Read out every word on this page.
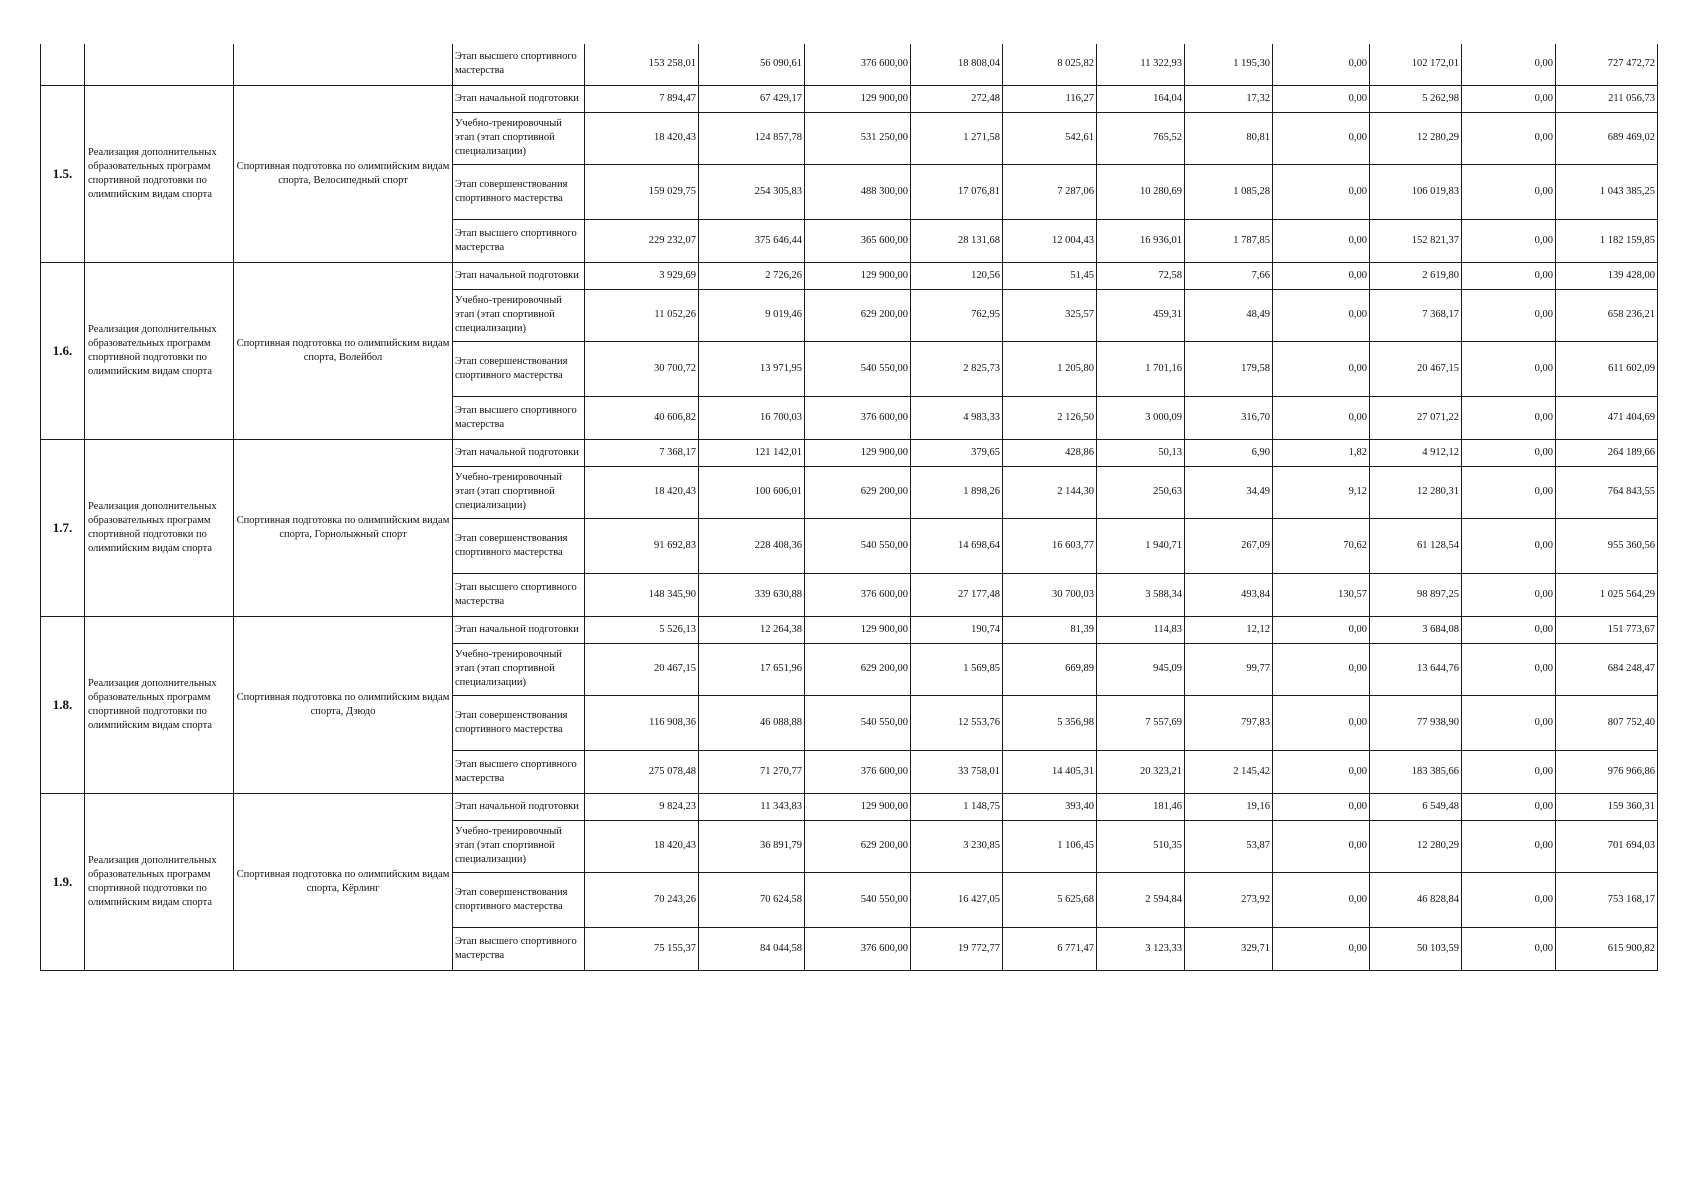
			Этап высшего спортивного мастерства	153 258,01	56 090,61	376 600,00	18 808,04	8 025,82	11 322,93	1 195,30	0,00	102 172,01	0,00	727 472,72
1.5.	Реализация дополнительных образовательных программ спортивной подготовки по олимпийским видам спорта	Спортивная подготовка по олимпийским видам спорта, Велосипедный спорт	Этап начальной подготовки	7 894,47	67 429,17	129 900,00	272,48	116,27	164,04	17,32	0,00	5 262,98	0,00	211 056,73
			Учебно-тренировочный этап (этап спортивной специализации)	18 420,43	124 857,78	531 250,00	1 271,58	542,61	765,52	80,81	0,00	12 280,29	0,00	689 469,02
			Этап совершенствования спортивного мастерства	159 029,75	254 305,83	488 300,00	17 076,81	7 287,06	10 280,69	1 085,28	0,00	106 019,83	0,00	1 043 385,25
			Этап высшего спортивного мастерства	229 232,07	375 646,44	365 600,00	28 131,68	12 004,43	16 936,01	1 787,85	0,00	152 821,37	0,00	1 182 159,85
1.6.	Реализация дополнительных образовательных программ спортивной подготовки по олимпийским видам спорта	Спортивная подготовка по олимпийским видам спорта, Волейбол	Этап начальной подготовки	3 929,69	2 726,26	129 900,00	120,56	51,45	72,58	7,66	0,00	2 619,80	0,00	139 428,00
			Учебно-тренировочный этап (этап спортивной специализации)	11 052,26	9 019,46	629 200,00	762,95	325,57	459,31	48,49	0,00	7 368,17	0,00	658 236,21
			Этап совершенствования спортивного мастерства	30 700,72	13 971,95	540 550,00	2 825,73	1 205,80	1 701,16	179,58	0,00	20 467,15	0,00	611 602,09
			Этап высшего спортивного мастерства	40 606,82	16 700,03	376 600,00	4 983,33	2 126,50	3 000,09	316,70	0,00	27 071,22	0,00	471 404,69
1.7.	Реализация дополнительных образовательных программ спортивной подготовки по олимпийским видам спорта	Спортивная подготовка по олимпийским видам спорта, Горнолыжный спорт	Этап начальной подготовки	7 368,17	121 142,01	129 900,00	379,65	428,86	50,13	6,90	1,82	4 912,12	0,00	264 189,66
			Учебно-тренировочный этап (этап спортивной специализации)	18 420,43	100 606,01	629 200,00	1 898,26	2 144,30	250,63	34,49	9,12	12 280,31	0,00	764 843,55
			Этап совершенствования спортивного мастерства	91 692,83	228 408,36	540 550,00	14 698,64	16 603,77	1 940,71	267,09	70,62	61 128,54	0,00	955 360,56
			Этап высшего спортивного мастерства	148 345,90	339 630,88	376 600,00	27 177,48	30 700,03	3 588,34	493,84	130,57	98 897,25	0,00	1 025 564,29
1.8.	Реализация дополнительных образовательных программ спортивной подготовки по олимпийским видам спорта	Спортивная подготовка по олимпийским видам спорта, Дзюдо	Этап начальной подготовки	5 526,13	12 264,38	129 900,00	190,74	81,39	114,83	12,12	0,00	3 684,08	0,00	151 773,67
			Учебно-тренировочный этап (этап спортивной специализации)	20 467,15	17 651,96	629 200,00	1 569,85	669,89	945,09	99,77	0,00	13 644,76	0,00	684 248,47
			Этап совершенствования спортивного мастерства	116 908,36	46 088,88	540 550,00	12 553,76	5 356,98	7 557,69	797,83	0,00	77 938,90	0,00	807 752,40
			Этап высшего спортивного мастерства	275 078,48	71 270,77	376 600,00	33 758,01	14 405,31	20 323,21	2 145,42	0,00	183 385,66	0,00	976 966,86
1.9.	Реализация дополнительных образовательных программ спортивной подготовки по олимпийским видам спорта	Спортивная подготовка по олимпийским видам спорта, Кёрлинг	Этап начальной подготовки	9 824,23	11 343,83	129 900,00	1 148,75	393,40	181,46	19,16	0,00	6 549,48	0,00	159 360,31
			Учебно-тренировочный этап (этап спортивной специализации)	18 420,43	36 891,79	629 200,00	3 230,85	1 106,45	510,35	53,87	0,00	12 280,29	0,00	701 694,03
			Этап совершенствования спортивного мастерства	70 243,26	70 624,58	540 550,00	16 427,05	5 625,68	2 594,84	273,92	0,00	46 828,84	0,00	753 168,17
			Этап высшего спортивного мастерства	75 155,37	84 044,58	376 600,00	19 772,77	6 771,47	3 123,33	329,71	0,00	50 103,59	0,00	615 900,82
